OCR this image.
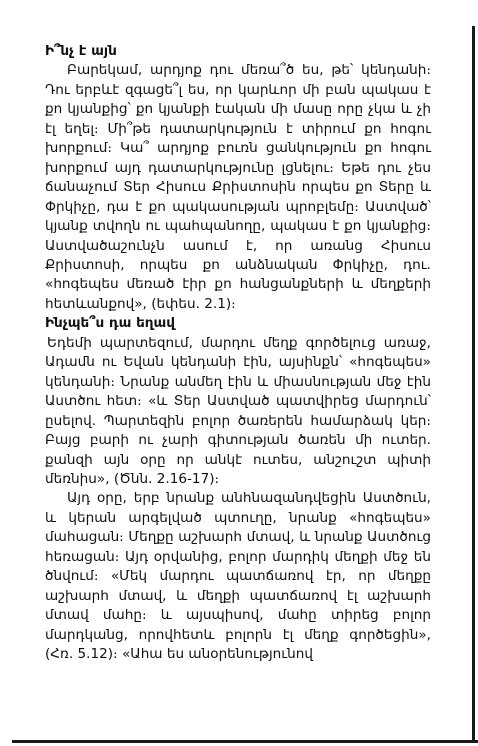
Ի՞նչ է այն

Բարեկամ, արդյոք դու մեռա՞ծ ես, թե՝ կենդանի։ Դու երբևէ զգացե՞լ ես, որ կարևոր մի բան պակաս է քո կյանքից՝ քո կյանքի էական մի մասը որը չկա և չի էլ եղել։ Մի՞թե դատարկություն է տիրում քո հոգու խորքում։ Կա՞ արդյոք բուռն ցանկություն քո հոգու խորքում այդ դատարկությունը լցնելու։ Եթե դու չես ճանաչում Տեր Հիսուս Քրիստոսին որպես քո Տերը և Փրկիչը, դա է քո պակասության պրոբլեմը։ Աստված՝ կյանք տվողն ու պահպանողը, պակաս է քո կյանքից։ Աստվածաշունչն ասում է, որ առանց Հիսուս Քրիստոսի, որպես քո անձնական Փրկիչը, դու. «հոգեպես մեռած էիր քո հանցանքների և մեղքերի հետևանքով», (եփես. 2.1)։

Ինչպե՞ս դա եղավ

Եդեմի պարտեզում, մարդու մեղք գործելուց առաջ, Ադամն ու Եվան կենդանի էին, այսինքն՝ «հոգեպես» կենդանի։ Նրանք անմեղ էին և միասնության մեջ էին Աստծու հետ։ «և Տեր Աստված պատվիրեց մարդուն՝ ըսելով. Պարտեզին բոլոր ծառերեն համարձակ կեր։ Բայց բարի ու չարի գիտության ծառեն մի ուտեր. քանզի այն օրը որ անկէ ուտես, անշուշտ պիտի մեռնիս», (Ծնն. 2.16-17)։

Այդ օրը, երբ նրանք անհնազանդվեցին Աստծուն, և կերան արգելված պտուղը, նրանք «հոգեպես» մահացան։ Մեղքը աշխարհ մտավ, և նրանք Աստծուց հեռացան։ Այդ օրվանից, բոլոր մարդիկ մեղքի մեջ են ծնվում։ «Մեկ մարդու պատճառով էր, որ մեղքը աշխարհ մտավ, և մեղքի պատճառով էլ աշխարհ մտավ մահը։ և այսպիսով, մահը տիրեց բոլոր մարդկանց, որովհետև բոլորն էլ մեղք գործեցին», (Հռ. 5.12)։ «Ահա ես անօրենությունով
